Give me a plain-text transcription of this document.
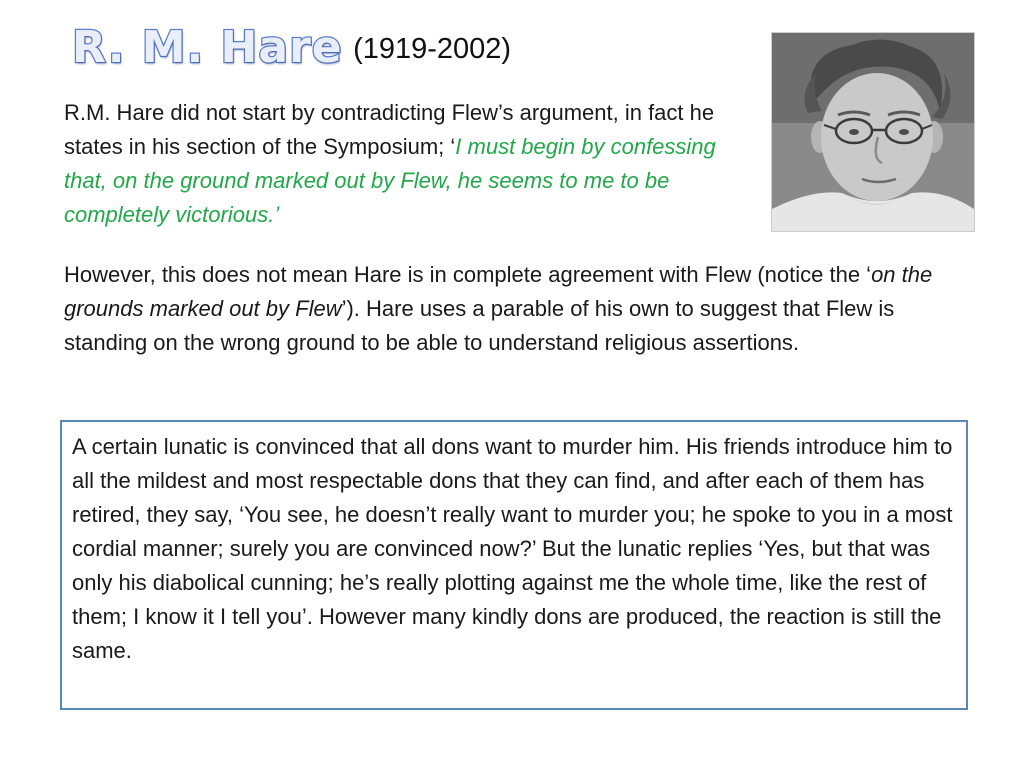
R. M. Hare (1919-2002)
R.M. Hare did not start by contradicting Flew’s argument, in fact he states in his section of the Symposium; ‘I must begin by confessing that, on the ground marked out by Flew, he seems to me to be completely victorious.’
However, this does not mean Hare is in complete agreement with Flew (notice the ‘on the grounds marked out by Flew’). Hare uses a parable of his own to suggest that Flew is standing on the wrong ground to be able to understand religious assertions.
A certain lunatic is convinced that all dons want to murder him. His friends introduce him to all the mildest and most respectable dons that they can find, and after each of them has retired, they say, ‘You see, he doesn’t really want to murder you; he spoke to you in a most cordial manner; surely you are convinced now?’ But the lunatic replies ‘Yes, but that was only his diabolical cunning; he’s really plotting against me the whole time, like the rest of them; I know it I tell you’. However many kindly dons are produced, the reaction is still the same.
